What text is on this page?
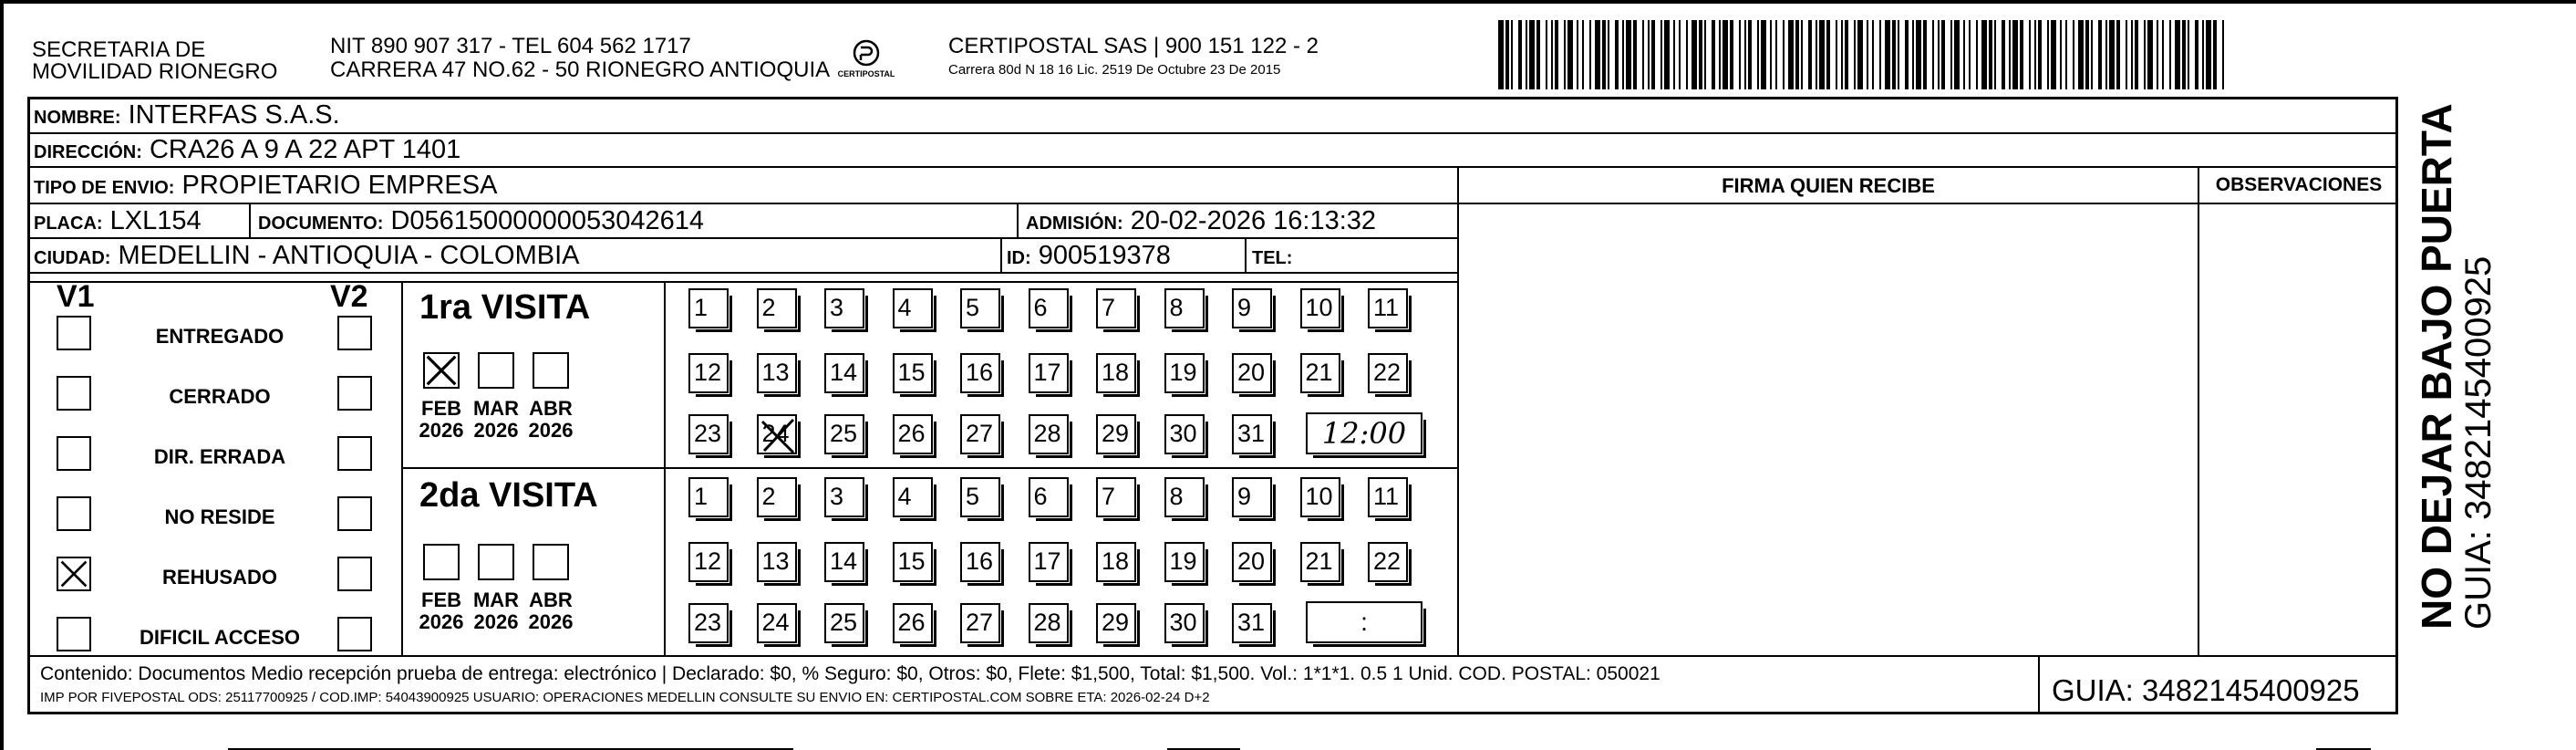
SECRETARIA DE
MOVILIDAD RIONEGRO
NIT 890 907 317 - TEL 604 562 1717
CARRERA 47 NO.62 - 50 RIONEGRO ANTIOQUIA CERTIPOSTAL
CERTIPOSTAL SAS | 900 151 122 - 2
Carrera 80d N 18 16 Lic. 2519 De Octubre 23 De 2015
NOMBRE: INTERFAS S.A.S.
DIRECCIÓN: CRA26 A 9 A 22 APT 1401
TIPO DE ENVIO: PROPIETARIO EMPRESA
PLACA: LXL154	DOCUMENTO: D05615000000053042614	ADMISIÓN: 20-02-2026 16:13:32
CIUDAD: MEDELLIN - ANTIOQUIA - COLOMBIA	ID: 900519378	TEL:
FIRMA QUIEN RECIBE	OBSERVACIONES
V1	V2
ENTREGADO
CERRADO
DIR. ERRADA
NO RESIDE
REHUSADO
DIFICIL ACCESO
1ra VISITA
FEB
2026
MAR
2026
ABR
2026
1	2	3	4	5	6	7	8	9	10 11
12 13 14 15 16 17 18 19 20 21 22
23 24 25 26 27 28 29 30 31	12:00
2da VISITA
FEB
2026
MAR
2026
ABR
2026
1	2	3	4	5	6	7	8	9	10 11
12 13 14 15 16 17 18 19 20 21 22
23 24 25 26 27 28 29 30 31	:
Contenido: Documentos Medio recepción prueba de entrega: electrónico | Declarado: $0, % Seguro: $0, Otros: $0, Flete: $1,500, Total: $1,500. Vol.: 1*1*1. 0.5 1 Unid. COD. POSTAL: 050021
IMP POR FIVEPOSTAL ODS: 25117700925 / COD.IMP: 54043900925 USUARIO: OPERACIONES MEDELLIN CONSULTE SU ENVIO EN: CERTIPOSTAL.COM SOBRE ETA: 2026-02-24 D+2	GUIA: 3482145400925
NO DEJAR BAJO PUERTA
GUIA: 3482145400925
